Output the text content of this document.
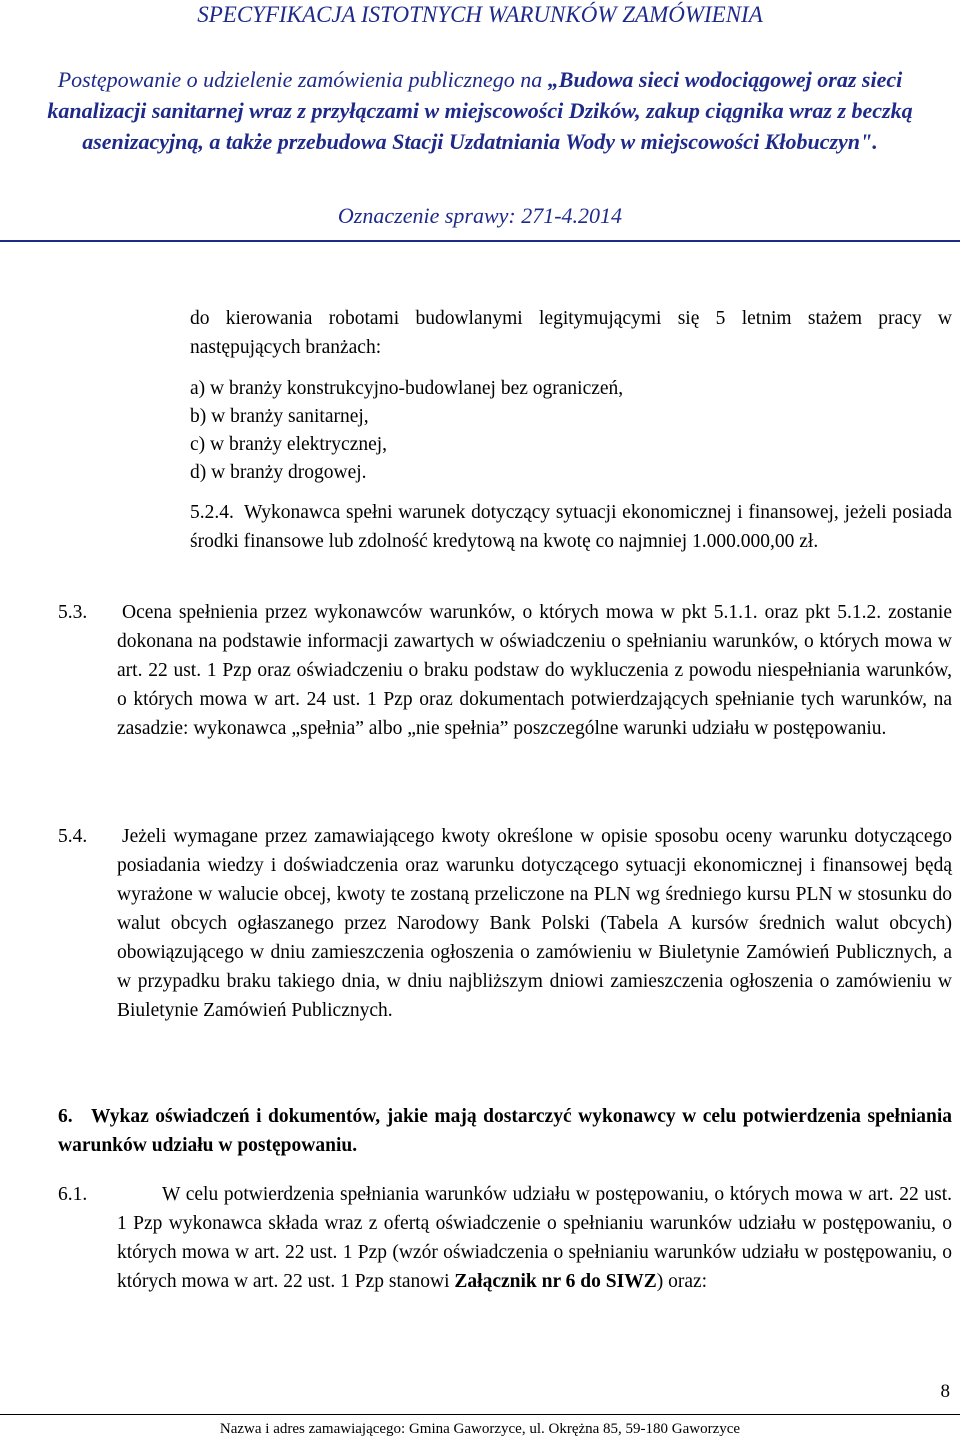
SPECYFIKACJA ISTOTNYCH WARUNKÓW ZAMÓWIENIA
Postępowanie o udzielenie zamówienia publicznego na „Budowa sieci wodociągowej oraz sieci kanalizacji sanitarnej wraz z przyłączami w miejscowości Dzików, zakup ciągnika wraz z beczką asenizacyjną, a także przebudowa Stacji Uzdatniania Wody w miejscowości Kłobuczyn".
Oznaczenie sprawy: 271-4.2014

do kierowania robotami budowlanymi legitymującymi się 5 letnim stażem pracy w następujących branżach:

a) w branży konstrukcyjno-budowlanej bez ograniczeń,

b) w branży sanitarnej,

c) w branży elektrycznej,

d) w branży drogowej.

5.2.4. Wykonawca spełni warunek dotyczący sytuacji ekonomicznej i finansowej, jeżeli posiada środki finansowe lub zdolność kredytową na kwotę co najmniej 1.000.000,00 zł.

5.3. Ocena spełnienia przez wykonawców warunków, o których mowa w pkt 5.1.1. oraz pkt 5.1.2. zostanie dokonana na podstawie informacji zawartych w oświadczeniu o spełnianiu warunków, o których mowa w art. 22 ust. 1 Pzp oraz oświadczeniu o braku podstaw do wykluczenia z powodu niespełniania warunków, o których mowa w art. 24 ust. 1 Pzp oraz dokumentach potwierdzających spełnianie tych warunków, na zasadzie: wykonawca „spełnia” albo „nie spełnia” poszczególne warunki udziału w postępowaniu.

5.4. Jeżeli wymagane przez zamawiającego kwoty określone w opisie sposobu oceny warunku dotyczącego posiadania wiedzy i doświadczenia oraz warunku dotyczącego sytuacji ekonomicznej i finansowej będą wyrażone w walucie obcej, kwoty te zostaną przeliczone na PLN wg średniego kursu PLN w stosunku do walut obcych ogłaszanego przez Narodowy Bank Polski (Tabela A kursów średnich walut obcych) obowiązującego w dniu zamieszczenia ogłoszenia o zamówieniu w Biuletynie Zamówień Publicznych, a w przypadku braku takiego dnia, w dniu najbliższym dniowi zamieszczenia ogłoszenia o zamówieniu w Biuletynie Zamówień Publicznych.

6. Wykaz oświadczeń i dokumentów, jakie mają dostarczyć wykonawcy w celu potwierdzenia spełniania warunków udziału w postępowaniu.

6.1.	W celu potwierdzenia spełniania warunków udziału w postępowaniu, o których mowa w art. 22 ust. 1 Pzp wykonawca składa wraz z ofertą oświadczenie o spełnianiu warunków udziału w postępowaniu, o których mowa w art. 22 ust. 1 Pzp (wzór oświadczenia o spełnianiu warunków udziału w postępowaniu, o których mowa w art. 22 ust. 1 Pzp stanowi Załącznik nr 6 do SIWZ) oraz:

8
Nazwa i adres zamawiającego: Gmina Gaworzyce, ul. Okrężna 85, 59-180 Gaworzyce
